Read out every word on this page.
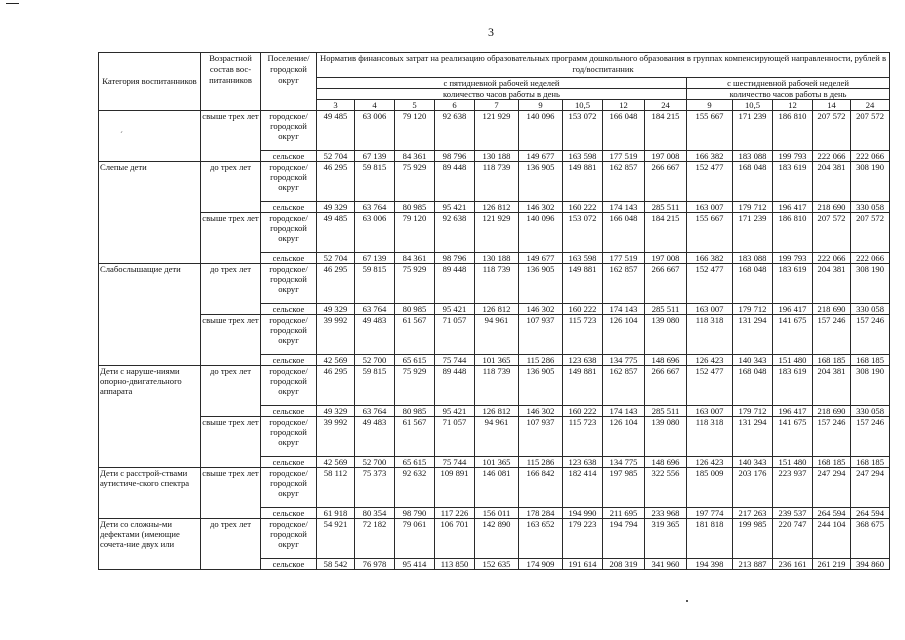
3
´
Категория воспитанников	Возрастной состав вос-питанников	Поселение/ городской округ	Норматив финансовых затрат на реализацию образовательных программ дошкольного образования в группах компенсирующей направленности, рублей в год/воспитанник													
			с пятидневной рабочей неделей									с шестидневной рабочей неделей				
			количество часов работы в день									количество часов работы в день				
			3	4	5	6	7	9	10,5	12	24	9	10,5	12	14	24
	свыше трех лет	городское/ городской округ	49 485	63 006	79 120	92 638	121 929	140 096	153 072	166 048	184 215	155 667	171 239	186 810	207 572	207 572
		сельское	52 704	67 139	84 361	98 796	130 188	149 677	163 598	177 519	197 008	166 382	183 088	199 793	222 066	222 066
Слепые дети	до трех лет	городское/ городской округ	46 295	59 815	75 929	89 448	118 739	136 905	149 881	162 857	266 667	152 477	168 048	183 619	204 381	308 190
		сельское	49 329	63 764	80 985	95 421	126 812	146 302	160 222	174 143	285 511	163 007	179 712	196 417	218 690	330 058
	свыше трех лет	городское/ городской округ	49 485	63 006	79 120	92 638	121 929	140 096	153 072	166 048	184 215	155 667	171 239	186 810	207 572	207 572
		сельское	52 704	67 139	84 361	98 796	130 188	149 677	163 598	177 519	197 008	166 382	183 088	199 793	222 066	222 066
Слабослышащие дети	до трех лет	городское/ городской округ	46 295	59 815	75 929	89 448	118 739	136 905	149 881	162 857	266 667	152 477	168 048	183 619	204 381	308 190
		сельское	49 329	63 764	80 985	95 421	126 812	146 302	160 222	174 143	285 511	163 007	179 712	196 417	218 690	330 058
	свыше трех лет	городское/ городской округ	39 992	49 483	61 567	71 057	94 961	107 937	115 723	126 104	139 080	118 318	131 294	141 675	157 246	157 246
		сельское	42 569	52 700	65 615	75 744	101 365	115 286	123 638	134 775	148 696	126 423	140 343	151 480	168 185	168 185
Дети с наруше-ниями опорно-двигательного аппарата	до трех лет	городское/ городской округ	46 295	59 815	75 929	89 448	118 739	136 905	149 881	162 857	266 667	152 477	168 048	183 619	204 381	308 190
		сельское	49 329	63 764	80 985	95 421	126 812	146 302	160 222	174 143	285 511	163 007	179 712	196 417	218 690	330 058
	свыше трех лет	городское/ городской округ	39 992	49 483	61 567	71 057	94 961	107 937	115 723	126 104	139 080	118 318	131 294	141 675	157 246	157 246
		сельское	42 569	52 700	65 615	75 744	101 365	115 286	123 638	134 775	148 696	126 423	140 343	151 480	168 185	168 185
Дети с расстрой-ствами аутистиче-ского спектра	свыше трех лет	городское/ городской округ	58 112	75 373	92 632	109 891	146 081	166 842	182 414	197 985	322 556	185 009	203 176	223 937	247 294	247 294
		сельское	61 918	80 354	98 790	117 226	156 011	178 284	194 990	211 695	233 968	197 774	217 263	239 537	264 594	264 594
Дети со сложны-ми дефектами (имеющие сочета-ние двух или	до трех лет	городское/ городской округ	54 921	72 182	79 061	106 701	142 890	163 652	179 223	194 794	319 365	181 818	199 985	220 747	244 104	368 675
		сельское	58 542	76 978	95 414	113 850	152 635	174 909	191 614	208 319	341 960	194 398	213 887	236 161	261 219	394 860
